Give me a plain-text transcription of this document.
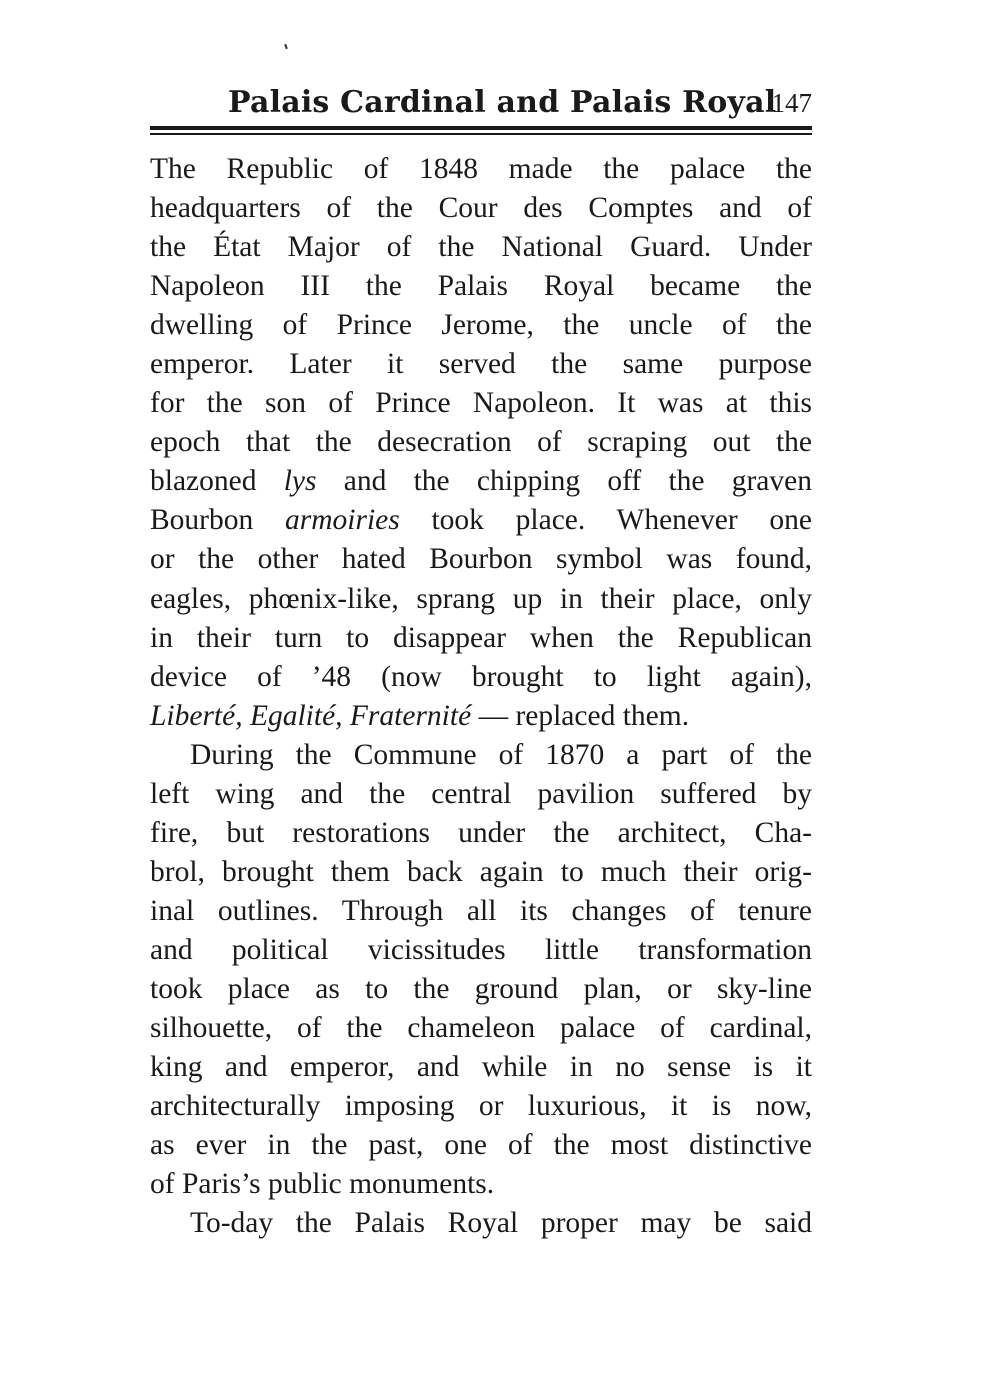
Palais Cardinal and Palais Royal
147
The Republic of 1848 made the palace the
headquarters of the Cour des Comptes and of
the État Major of the National Guard. Under
Napoleon III the Palais Royal became the
dwelling of Prince Jerome, the uncle of the
emperor. Later it served the same purpose
for the son of Prince Napoleon. It was at this
epoch that the desecration of scraping out the
blazoned lys and the chipping off the graven
Bourbon armoiries took place. Whenever one
or the other hated Bourbon symbol was found,
eagles, phœnix-like, sprang up in their place, only
in their turn to disappear when the Republican
device of ’48 (now brought to light again),
Liberté, Egalité, Fraternité — replaced them.
During the Commune of 1870 a part of the
left wing and the central pavilion suffered by
fire, but restorations under the architect, Cha-
brol, brought them back again to much their orig-
inal outlines. Through all its changes of tenure
and political vicissitudes little transformation
took place as to the ground plan, or sky-line
silhouette, of the chameleon palace of cardinal,
king and emperor, and while in no sense is it
architecturally imposing or luxurious, it is now,
as ever in the past, one of the most distinctive
of Paris’s public monuments.
To-day the Palais Royal proper may be said
